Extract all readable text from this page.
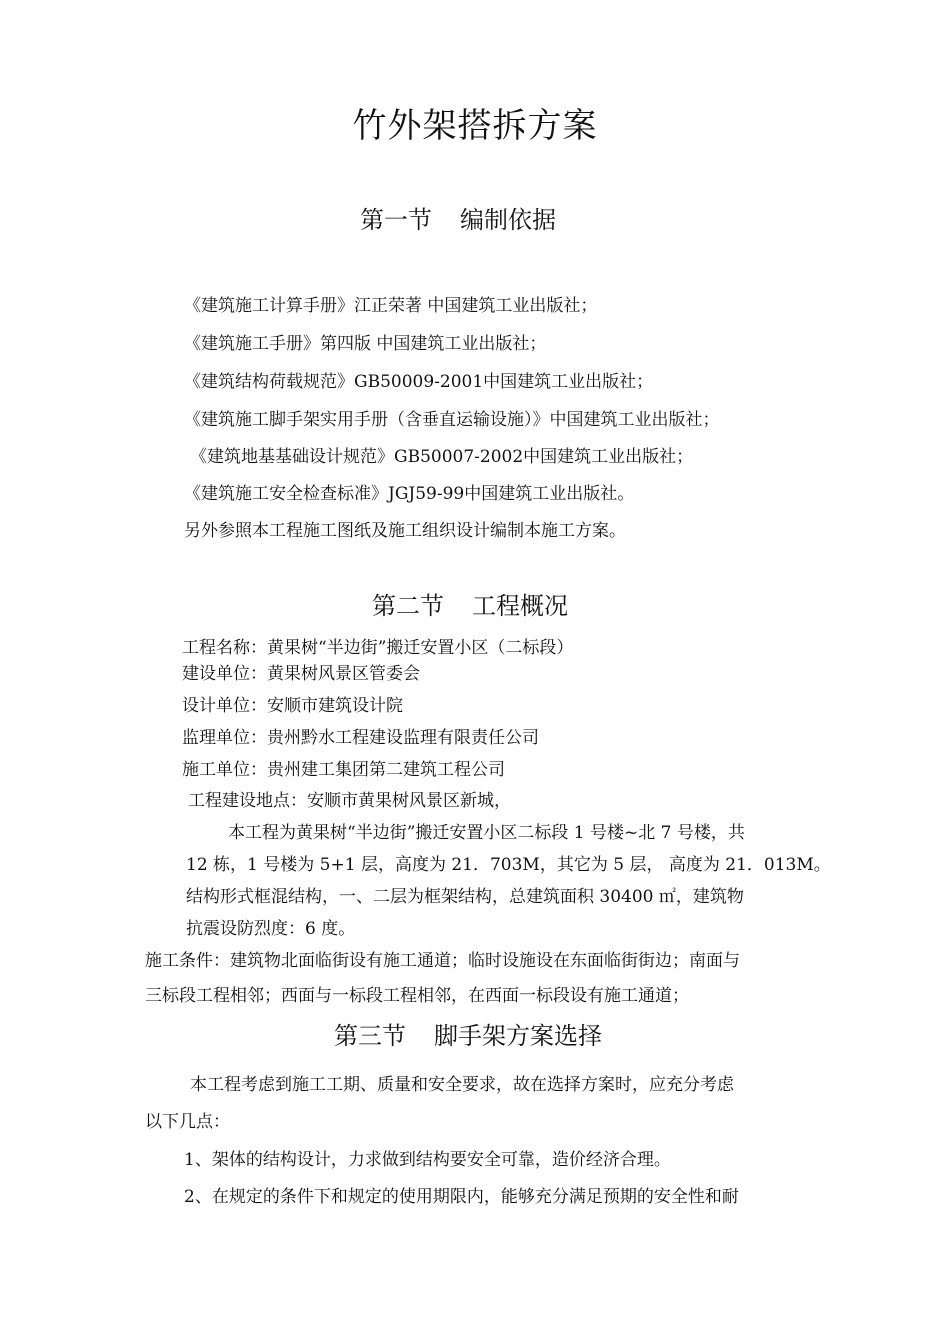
竹外架搭拆方案
第一节 编制依据
《建筑施工计算手册》江正荣著 中国建筑工业出版社；
《建筑施工手册》第四版 中国建筑工业出版社；
《建筑结构荷载规范》GB50009-2001中国建筑工业出版社；
《建筑施工脚手架实用手册（含垂直运输设施）》中国建筑工业出版社；
《建筑地基基础设计规范》GB50007-2002中国建筑工业出版社；
《建筑施工安全检查标准》JGJ59-99中国建筑工业出版社。
另外参照本工程施工图纸及施工组织设计编制本施工方案。
第二节 工程概况
工程名称：黄果树“半边街”搬迁安置小区（二标段）
建设单位：黄果树风景区管委会
设计单位：安顺市建筑设计院
监理单位：贵州黔水工程建设监理有限责任公司
施工单位：贵州建工集团第二建筑工程公司
工程建设地点：安顺市黄果树风景区新城，
本工程为黄果树“半边街”搬迁安置小区二标段 1 号楼~北 7 号楼，共
12 栋，1 号楼为 5+1 层，高度为 21．703M，其它为 5 层， 高度为 21．013M。
结构形式框混结构，一、二层为框架结构，总建筑面积 30400 ㎡，建筑物
抗震设防烈度：6 度。
施工条件：建筑物北面临街设有施工通道；临时设施设在东面临街街边；南面与
三标段工程相邻；西面与一标段工程相邻，在西面一标段设有施工通道；
第三节 脚手架方案选择
本工程考虑到施工工期、质量和安全要求，故在选择方案时，应充分考虑
以下几点：
1、架体的结构设计，力求做到结构要安全可靠，造价经济合理。
2、在规定的条件下和规定的使用期限内，能够充分满足预期的安全性和耐
